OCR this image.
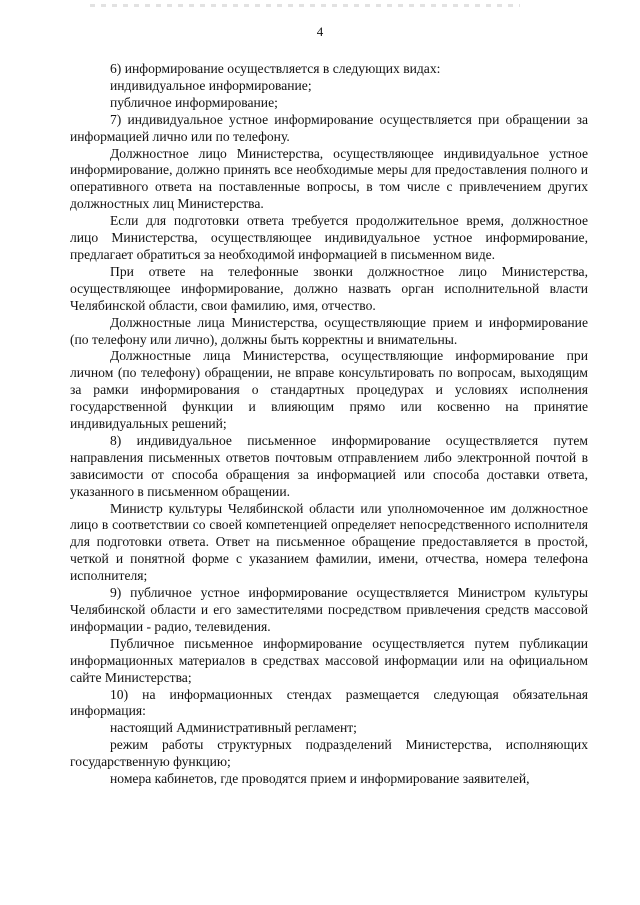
4

6) информирование осуществляется в следующих видах:

индивидуальное информирование;

публичное информирование;

7) индивидуальное устное информирование осуществляется при обращении за информацией лично или по телефону.

Должностное лицо Министерства, осуществляющее индивидуальное устное информирование, должно принять все необходимые меры для предоставления полного и оперативного ответа на поставленные вопросы, в том числе с привлечением других должностных лиц Министерства.

Если для подготовки ответа требуется продолжительное время, должностное лицо Министерства, осуществляющее индивидуальное устное информирование, предлагает обратиться за необходимой информацией в письменном виде.

При ответе на телефонные звонки должностное лицо Министерства, осуществляющее информирование, должно назвать орган исполнительной власти Челябинской области, свои фамилию, имя, отчество.

Должностные лица Министерства, осуществляющие прием и информирование (по телефону или лично), должны быть корректны и внимательны.

Должностные лица Министерства, осуществляющие информирование при личном (по телефону) обращении, не вправе консультировать по вопросам, выходящим за рамки информирования о стандартных процедурах и условиях исполнения государственной функции и влияющим прямо или косвенно на принятие индивидуальных решений;

8) индивидуальное письменное информирование осуществляется путем направления письменных ответов почтовым отправлением либо электронной почтой в зависимости от способа обращения за информацией или способа доставки ответа, указанного в письменном обращении.

Министр культуры Челябинской области или уполномоченное им должностное лицо в соответствии со своей компетенцией определяет непосредственного исполнителя для подготовки ответа. Ответ на письменное обращение предоставляется в простой, четкой и понятной форме с указанием фамилии, имени, отчества, номера телефона исполнителя;

9) публичное устное информирование осуществляется Министром культуры Челябинской области и его заместителями посредством привлечения средств массовой информации - радио, телевидения.

Публичное письменное информирование осуществляется путем публикации информационных материалов в средствах массовой информации или на официальном сайте Министерства;

10) на информационных стендах размещается следующая обязательная информация:

настоящий Административный регламент;

режим работы структурных подразделений Министерства, исполняющих государственную функцию;

номера кабинетов, где проводятся прием и информирование заявителей,
